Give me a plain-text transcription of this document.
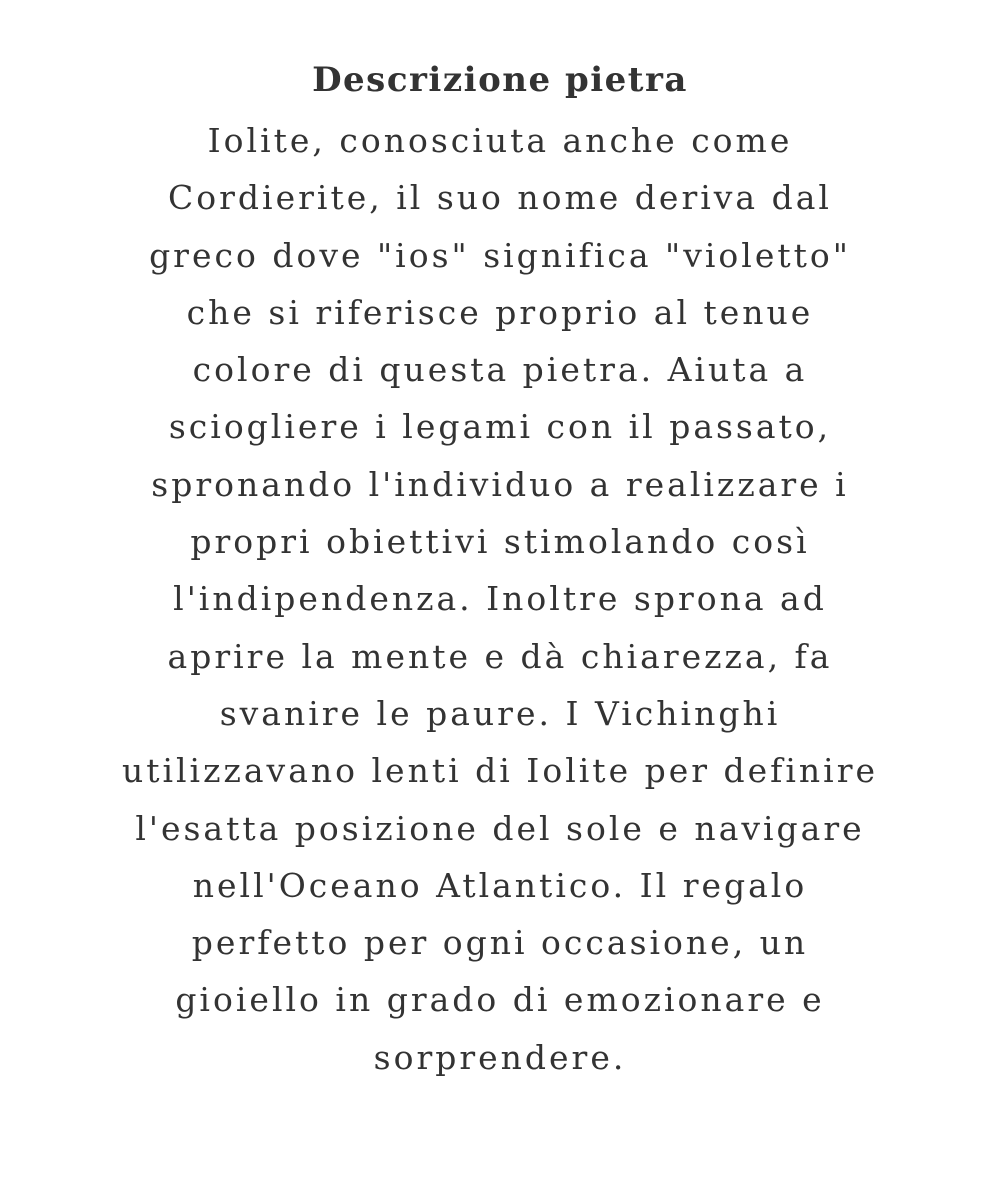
Descrizione pietra

Iolite, conosciuta anche come
Cordierite, il suo nome deriva dal
greco dove "ios" significa "violetto"
che si riferisce proprio al tenue
colore di questa pietra. Aiuta a
sciogliere i legami con il passato,
spronando l'individuo a realizzare i
propri obiettivi stimolando così
l'indipendenza. Inoltre sprona ad
aprire la mente e dà chiarezza, fa
svanire le paure. I Vichinghi
utilizzavano lenti di Iolite per definire
l'esatta posizione del sole e navigare
nell'Oceano Atlantico. Il regalo
perfetto per ogni occasione, un
gioiello in grado di emozionare e
sorprendere.
